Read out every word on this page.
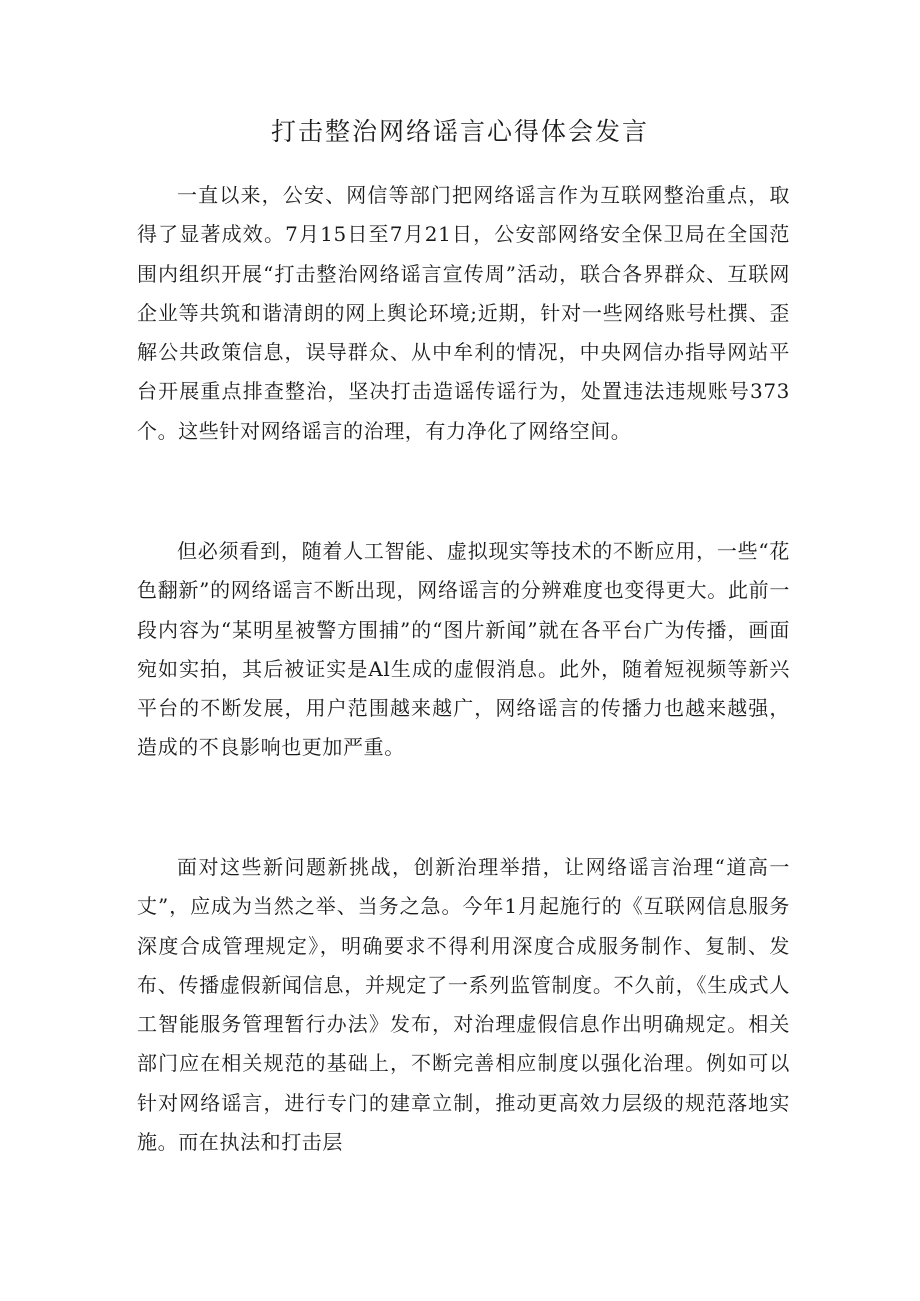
打击整治网络谣言心得体会发言

一直以来，公安、网信等部门把网络谣言作为互联网整治重点，取得了显著成效。7月15日至7月21日，公安部网络安全保卫局在全国范围内组织开展“打击整治网络谣言宣传周”活动，联合各界群众、互联网企业等共筑和谐清朗的网上舆论环境;近期，针对一些网络账号杜撰、歪解公共政策信息，误导群众、从中牟利的情况，中央网信办指导网站平台开展重点排查整治，坚决打击造谣传谣行为，处置违法违规账号373个。这些针对网络谣言的治理，有力净化了网络空间。

但必须看到，随着人工智能、虚拟现实等技术的不断应用，一些“花色翻新”的网络谣言不断出现，网络谣言的分辨难度也变得更大。此前一段内容为“某明星被警方围捕”的“图片新闻”就在各平台广为传播，画面宛如实拍，其后被证实是Al生成的虚假消息。此外，随着短视频等新兴平台的不断发展，用户范围越来越广，网络谣言的传播力也越来越强，造成的不良影响也更加严重。

面对这些新问题新挑战，创新治理举措，让网络谣言治理“道高一丈”，应成为当然之举、当务之急。今年1月起施行的《互联网信息服务深度合成管理规定》，明确要求不得利用深度合成服务制作、复制、发布、传播虚假新闻信息，并规定了一系列监管制度。不久前，《生成式人工智能服务管理暂行办法》发布，对治理虚假信息作出明确规定。相关部门应在相关规范的基础上，不断完善相应制度以强化治理。例如可以针对网络谣言，进行专门的建章立制，推动更高效力层级的规范落地实施。而在执法和打击层
